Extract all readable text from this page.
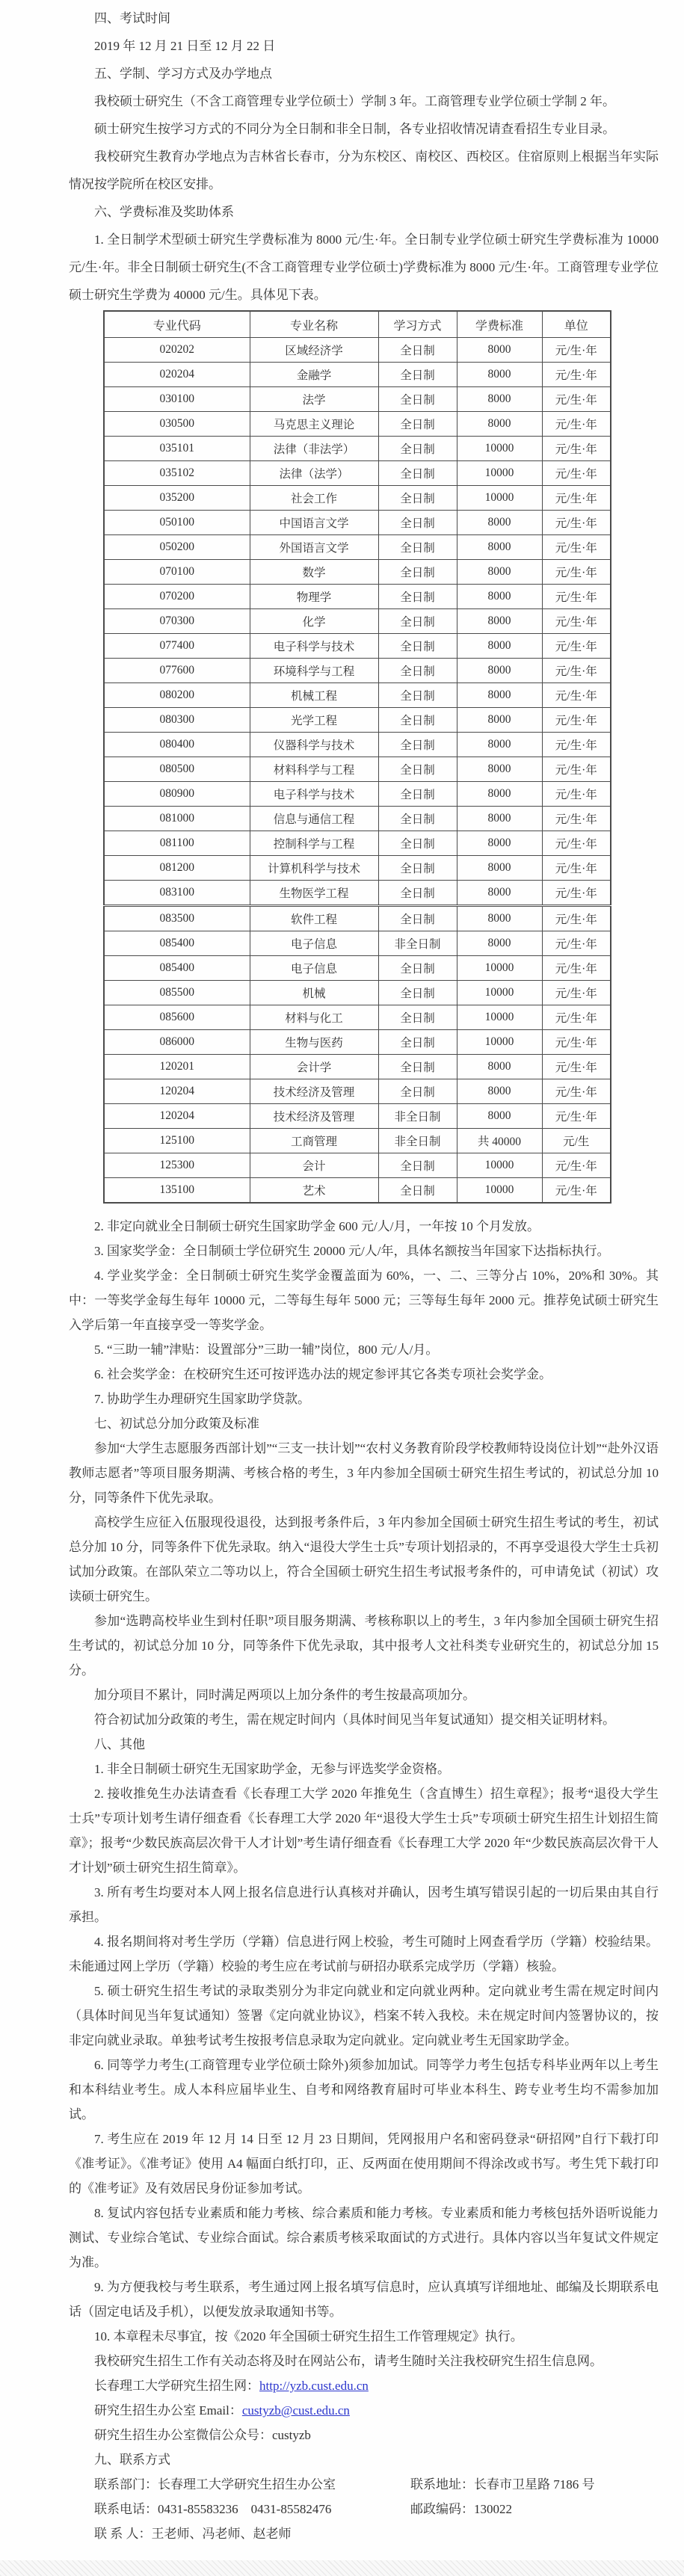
四、考试时间

2019 年 12 月 21 日至 12 月 22 日

五、学制、学习方式及办学地点

我校硕士研究生（不含工商管理专业学位硕士）学制 3 年。工商管理专业学位硕士学制 2 年。

硕士研究生按学习方式的不同分为全日制和非全日制，各专业招收情况请查看招生专业目录。

我校研究生教育办学地点为吉林省长春市，分为东校区、南校区、西校区。住宿原则上根据当年实际情况按学院所在校区安排。

六、学费标准及奖助体系

1. 全日制学术型硕士研究生学费标准为 8000 元/生·年。全日制专业学位硕士研究生学费标准为 10000 元/生·年。非全日制硕士研究生(不含工商管理专业学位硕士)学费标准为 8000 元/生·年。工商管理专业学位硕士研究生学费为 40000 元/生。具体见下表。

专业代码	专业名称	学习方式	学费标准	单位
020202	区域经济学	全日制	8000	元/生·年
020204	金融学	全日制	8000	元/生·年
030100	法学	全日制	8000	元/生·年
030500	马克思主义理论	全日制	8000	元/生·年
035101	法律（非法学）	全日制	10000	元/生·年
035102	法律（法学）	全日制	10000	元/生·年
035200	社会工作	全日制	10000	元/生·年
050100	中国语言文学	全日制	8000	元/生·年
050200	外国语言文学	全日制	8000	元/生·年
070100	数学	全日制	8000	元/生·年
070200	物理学	全日制	8000	元/生·年
070300	化学	全日制	8000	元/生·年
077400	电子科学与技术	全日制	8000	元/生·年
077600	环境科学与工程	全日制	8000	元/生·年
080200	机械工程	全日制	8000	元/生·年
080300	光学工程	全日制	8000	元/生·年
080400	仪器科学与技术	全日制	8000	元/生·年
080500	材料科学与工程	全日制	8000	元/生·年
080900	电子科学与技术	全日制	8000	元/生·年
081000	信息与通信工程	全日制	8000	元/生·年
081100	控制科学与工程	全日制	8000	元/生·年
081200	计算机科学与技术	全日制	8000	元/生·年
083100	生物医学工程	全日制	8000	元/生·年
083500	软件工程	全日制	8000	元/生·年
085400	电子信息	非全日制	8000	元/生·年
085400	电子信息	全日制	10000	元/生·年
085500	机械	全日制	10000	元/生·年
085600	材料与化工	全日制	10000	元/生·年
086000	生物与医药	全日制	10000	元/生·年
120201	会计学	全日制	8000	元/生·年
120204	技术经济及管理	全日制	8000	元/生·年
120204	技术经济及管理	非全日制	8000	元/生·年
125100	工商管理	非全日制	共 40000	元/生
125300	会计	全日制	10000	元/生·年
135100	艺术	全日制	10000	元/生·年

2. 非定向就业全日制硕士研究生国家助学金 600 元/人/月，一年按 10 个月发放。

3. 国家奖学金：全日制硕士学位研究生 20000 元/人/年，具体名额按当年国家下达指标执行。

4. 学业奖学金：全日制硕士研究生奖学金覆盖面为 60%，一、二、三等分占 10%，20%和 30%。其中：一等奖学金每生每年 10000 元，二等每生每年 5000 元；三等每生每年 2000 元。推荐免试硕士研究生入学后第一年直接享受一等奖学金。

5. “三助一辅”津贴：设置部分”三助一辅”岗位，800 元/人/月。

6. 社会奖学金：在校研究生还可按评选办法的规定参评其它各类专项社会奖学金。

7. 协助学生办理研究生国家助学贷款。

七、初试总分加分政策及标准

参加“大学生志愿服务西部计划”“三支一扶计划”“农村义务教育阶段学校教师特设岗位计划”“赴外汉语教师志愿者”等项目服务期满、考核合格的考生，3 年内参加全国硕士研究生招生考试的，初试总分加 10 分，同等条件下优先录取。

高校学生应征入伍服现役退役，达到报考条件后，3 年内参加全国硕士研究生招生考试的考生，初试总分加 10 分，同等条件下优先录取。纳入“退役大学生士兵”专项计划招录的，不再享受退役大学生士兵初试加分政策。在部队荣立二等功以上，符合全国硕士研究生招生考试报考条件的，可申请免试（初试）攻读硕士研究生。

参加“选聘高校毕业生到村任职”项目服务期满、考核称职以上的考生，3 年内参加全国硕士研究生招生考试的，初试总分加 10 分，同等条件下优先录取，其中报考人文社科类专业研究生的，初试总分加 15 分。

加分项目不累计，同时满足两项以上加分条件的考生按最高项加分。

符合初试加分政策的考生，需在规定时间内（具体时间见当年复试通知）提交相关证明材料。

八、其他

1. 非全日制硕士研究生无国家助学金，无参与评选奖学金资格。

2. 接收推免生办法请查看《长春理工大学 2020 年推免生（含直博生）招生章程》；报考“退役大学生士兵”专项计划考生请仔细查看《长春理工大学 2020 年“退役大学生士兵”专项硕士研究生招生计划招生简章》；报考“少数民族高层次骨干人才计划”考生请仔细查看《长春理工大学 2020 年“少数民族高层次骨干人才计划”硕士研究生招生简章》。

3. 所有考生均要对本人网上报名信息进行认真核对并确认，因考生填写错误引起的一切后果由其自行承担。

4. 报名期间将对考生学历（学籍）信息进行网上校验，考生可随时上网查看学历（学籍）校验结果。未能通过网上学历（学籍）校验的考生应在考试前与研招办联系完成学历（学籍）核验。

5. 硕士研究生招生考试的录取类别分为非定向就业和定向就业两种。定向就业考生需在规定时间内（具体时间见当年复试通知）签署《定向就业协议》，档案不转入我校。未在规定时间内签署协议的，按非定向就业录取。单独考试考生按报考信息录取为定向就业。定向就业考生无国家助学金。

6. 同等学力考生(工商管理专业学位硕士除外)须参加加试。同等学力考生包括专科毕业两年以上考生和本科结业考生。成人本科应届毕业生、自考和网络教育届时可毕业本科生、跨专业考生均不需参加加试。

7. 考生应在 2019 年 12 月 14 日至 12 月 23 日期间，凭网报用户名和密码登录“研招网”自行下载打印《准考证》。《准考证》使用 A4 幅面白纸打印，正、反两面在使用期间不得涂改或书写。考生凭下载打印的《准考证》及有效居民身份证参加考试。

8. 复试内容包括专业素质和能力考核、综合素质和能力考核。专业素质和能力考核包括外语听说能力测试、专业综合笔试、专业综合面试。综合素质考核采取面试的方式进行。具体内容以当年复试文件规定为准。

9. 为方便我校与考生联系，考生通过网上报名填写信息时，应认真填写详细地址、邮编及长期联系电话（固定电话及手机），以便发放录取通知书等。

10. 本章程未尽事宜，按《2020 年全国硕士研究生招生工作管理规定》执行。

我校研究生招生工作有关动态将及时在网站公布，请考生随时关注我校研究生招生信息网。

长春理工大学研究生招生网：http://yzb.cust.edu.cn

研究生招生办公室 Email：custyzb@cust.edu.cn

研究生招生办公室微信公众号：custyzb

九、联系方式

联系部门：长春理工大学研究生招生办公室	联系地址：长春市卫星路 7186 号

联系电话：0431-85583236　0431-85582476	邮政编码：130022

联 系 人：王老师、冯老师、赵老师
